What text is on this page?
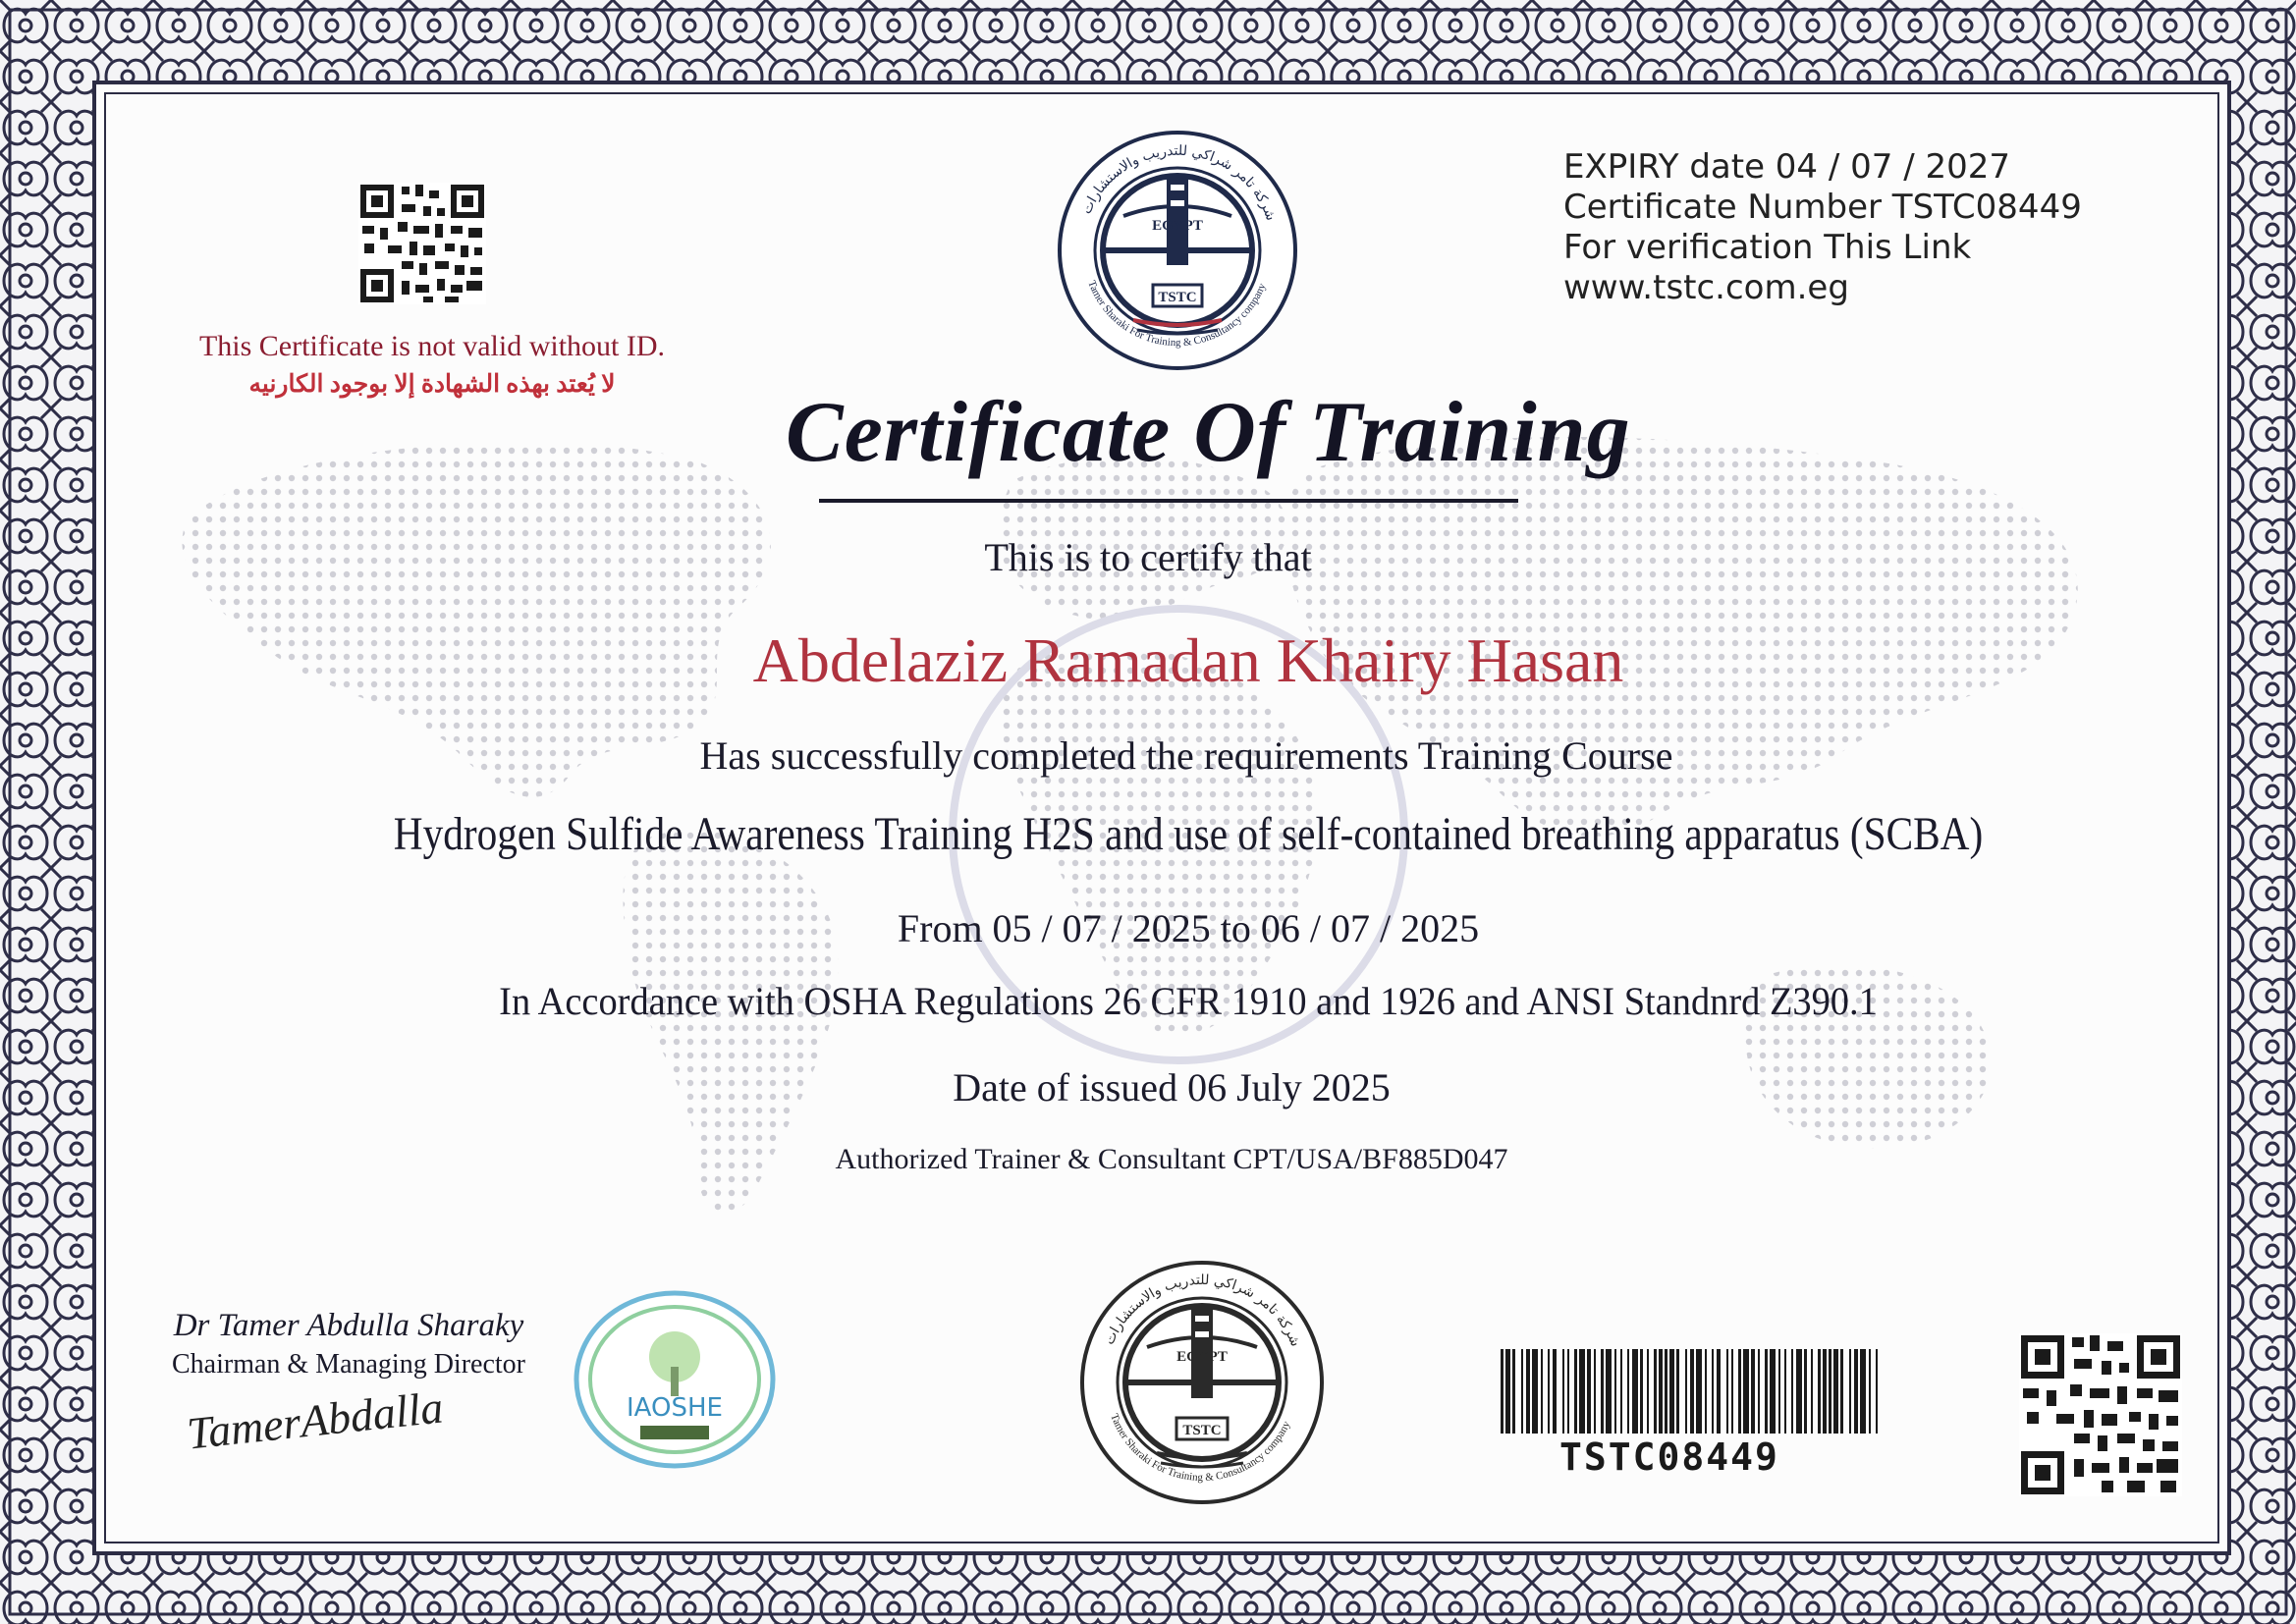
This Certificate is not valid without ID.
لا يُعتد بهذه الشهادة إلا بوجود الكارنيه
EGYPT
TSTC
Tamer Sharaki For Training & Consultancy company
شركة تامر شراكي للتدريب والاستشارات
EXPIRY date 04 / 07 / 2027
Certificate Number TSTC08449
For verification This Link
www.tstc.com.eg
Certificate Of Training
This is to certify that
Abdelaziz Ramadan Khairy Hasan
Has successfully completed the requirements Training Course
Hydrogen Sulfide Awareness Training H2S and use of self-contained breathing apparatus (SCBA)
From 05 / 07 / 2025 to 06 / 07 / 2025
In Accordance with OSHA Regulations 26 CFR 1910 and 1926 and ANSI Standnrd Z390.1
Date of issued 06 July 2025
Authorized Trainer & Consultant CPT/USA/BF885D047
Dr Tamer Abdulla Sharaky
Chairman & Managing Director
TamerAbdalla	IAOSHE
EGYPT
TSTC
Tamer Sharaki For Training & Consultancy company
شركة تامر شراكي للتدريب والاستشارات
TSTC08449
